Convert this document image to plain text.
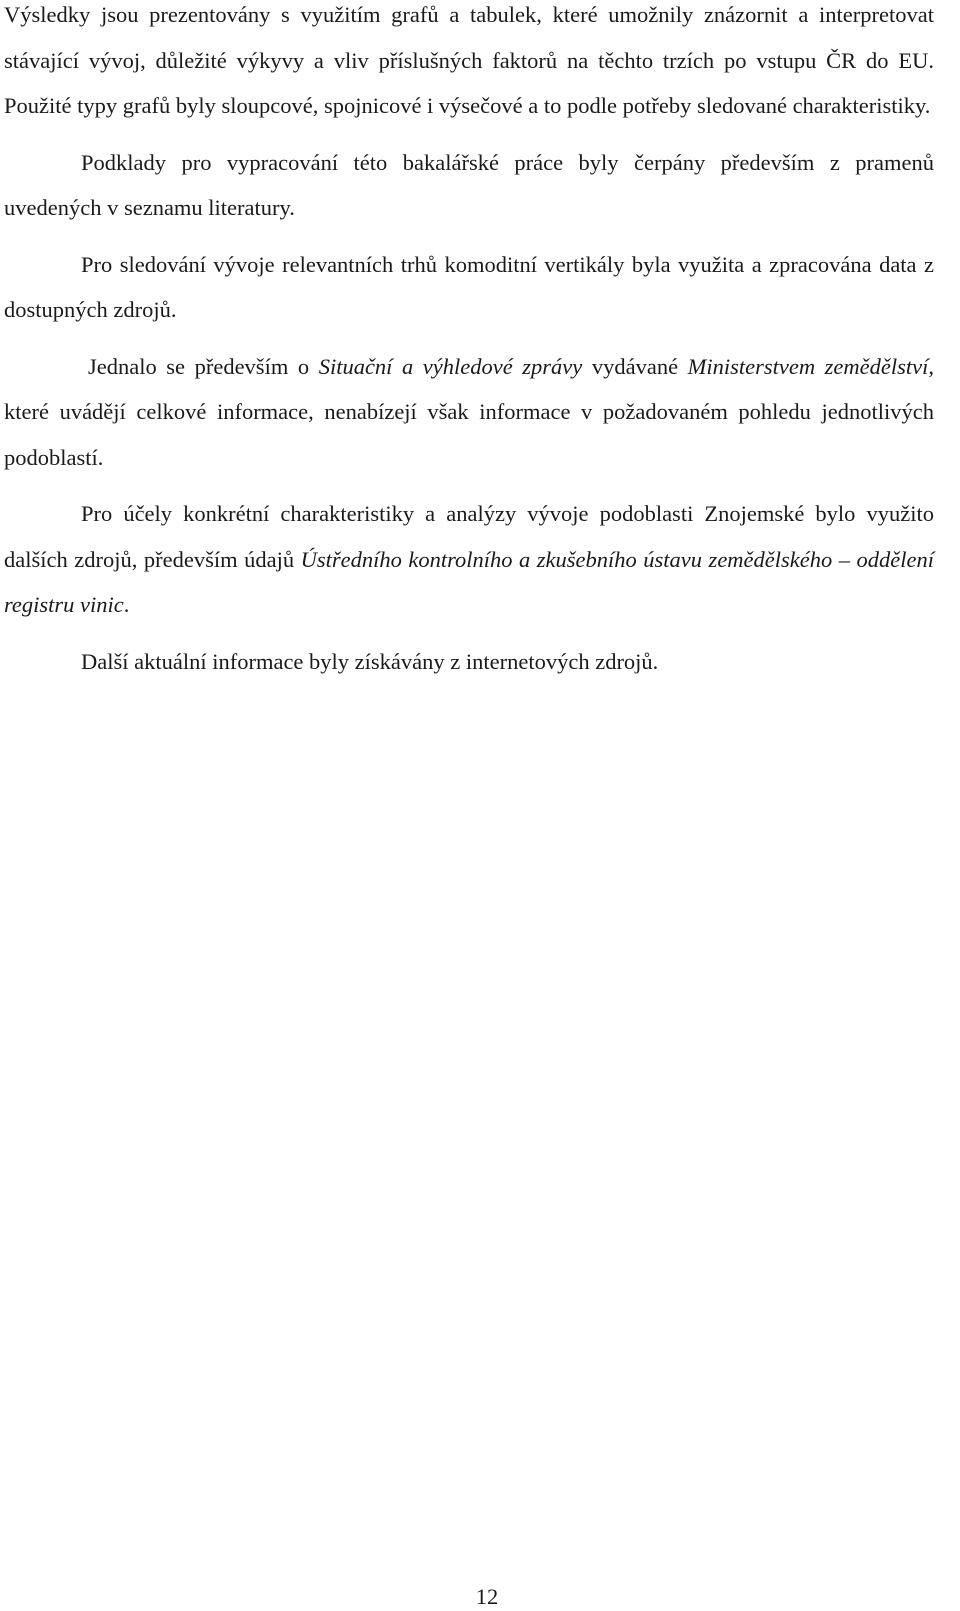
Výsledky jsou prezentovány s využitím grafů a tabulek, které umožnily znázornit a interpretovat stávající vývoj, důležité výkyvy a vliv příslušných faktorů na těchto trzích po vstupu ČR do EU. Použité typy grafů byly sloupcové, spojnicové i výsečové a to podle potřeby sledované charakteristiky.

Podklady pro vypracování této bakalářské práce byly čerpány především z pramenů uvedených v seznamu literatury.

Pro sledování vývoje relevantních trhů komoditní vertikály byla využita a zpracována data z dostupných zdrojů.

Jednalo se především o Situační a výhledové zprávy vydávané Ministerstvem zemědělství, které uvádějí celkové informace, nenabízejí však informace v požadovaném pohledu jednotlivých podoblastí.

Pro účely konkrétní charakteristiky a analýzy vývoje podoblasti Znojemské bylo využito dalších zdrojů, především údajů Ústředního kontrolního a zkušebního ústavu zemědělského – oddělení registru vinic.

Další aktuální informace byly získávány z internetových zdrojů.

12
